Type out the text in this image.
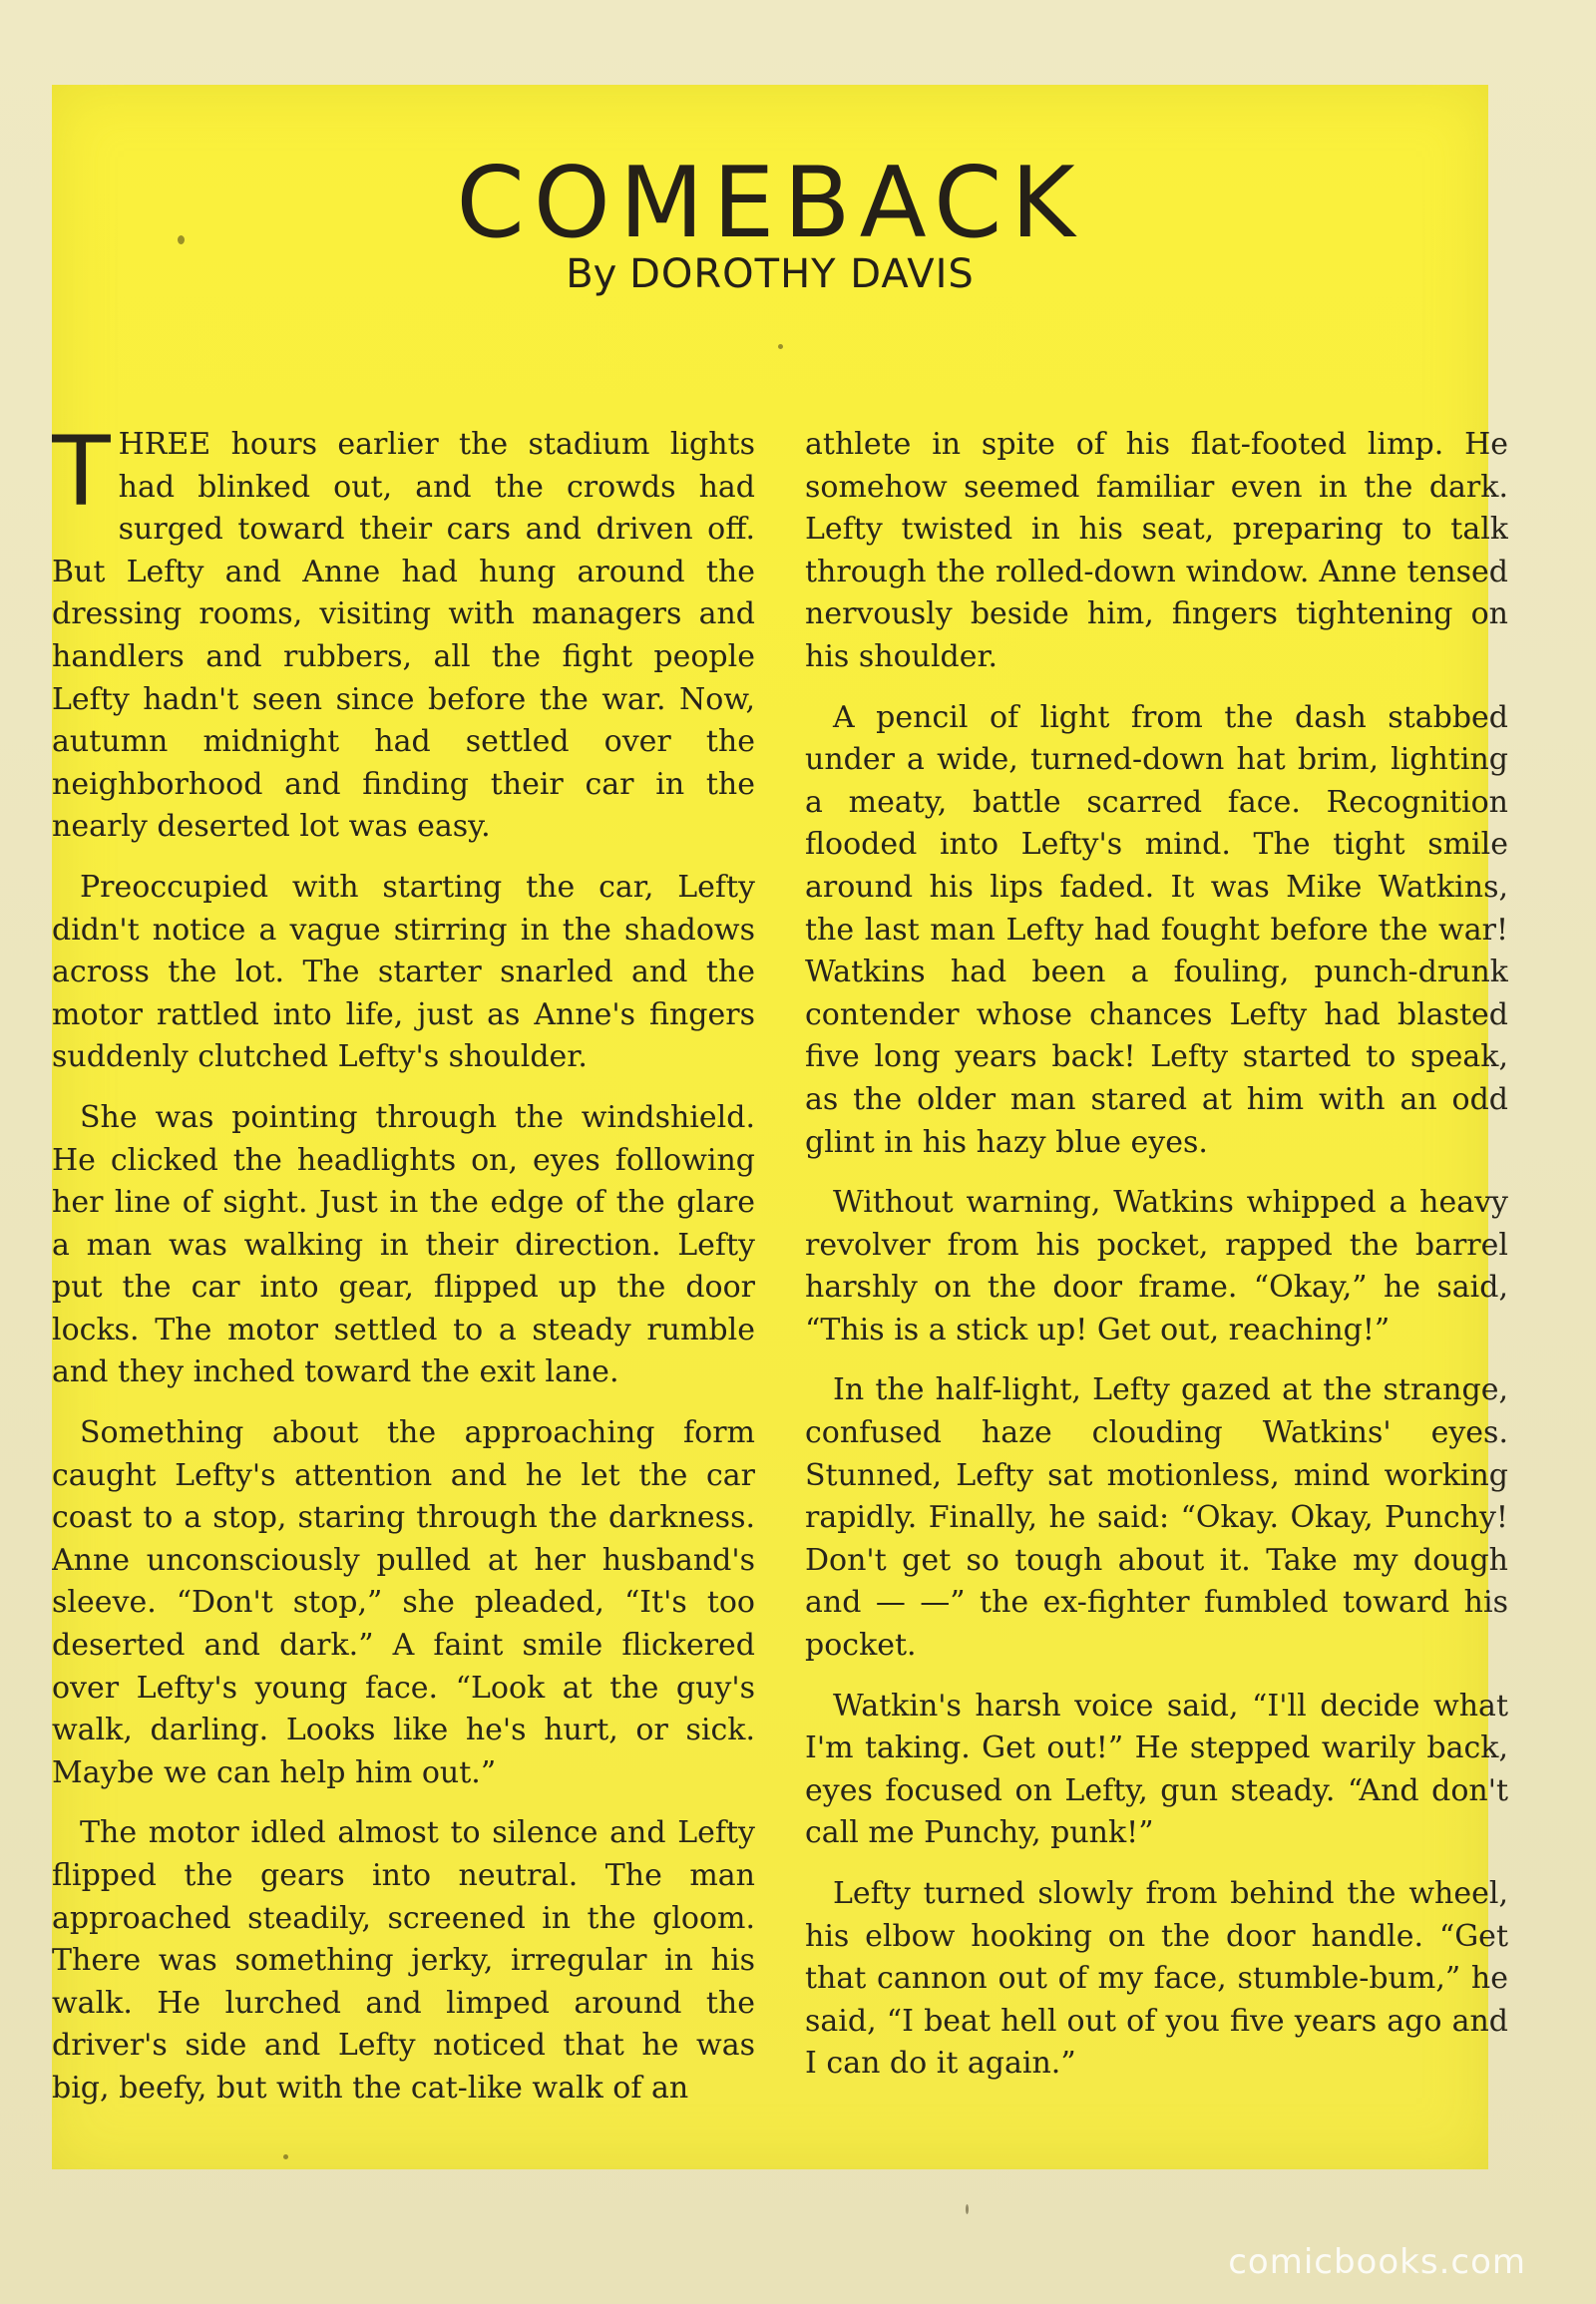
COMEBACK
By DOROTHY DAVIS

THREE hours earlier the stadium lights had blinked out, and the crowds had surged toward their cars and driven off. But Lefty and Anne had hung around the dressing rooms, visiting with managers and handlers and rubbers, all the fight people Lefty hadn't seen since before the war. Now, autumn midnight had settled over the neighborhood and finding their car in the nearly deserted lot was easy.

Preoccupied with starting the car, Lefty didn't notice a vague stirring in the shadows across the lot. The starter snarled and the motor rattled into life, just as Anne's fingers suddenly clutched Lefty's shoulder.

She was pointing through the windshield. He clicked the headlights on, eyes following her line of sight. Just in the edge of the glare a man was walking in their direction. Lefty put the car into gear, flipped up the door locks. The motor settled to a steady rumble and they inched toward the exit lane.

Something about the approaching form caught Lefty's attention and he let the car coast to a stop, staring through the darkness. Anne unconsciously pulled at her husband's sleeve. “Don't stop,” she pleaded, “It's too deserted and dark.” A faint smile flickered over Lefty's young face. “Look at the guy's walk, darling. Looks like he's hurt, or sick. Maybe we can help him out.”

The motor idled almost to silence and Lefty flipped the gears into neutral. The man approached steadily, screened in the gloom. There was something jerky, irregular in his walk. He lurched and limped around the driver's side and Lefty noticed that he was big, beefy, but with the cat-like walk of an

athlete in spite of his flat-footed limp. He somehow seemed familiar even in the dark. Lefty twisted in his seat, preparing to talk through the rolled-down window. Anne tensed nervously beside him, fingers tightening on his shoulder.

A pencil of light from the dash stabbed under a wide, turned-down hat brim, lighting a meaty, battle scarred face. Recognition flooded into Lefty's mind. The tight smile around his lips faded. It was Mike Watkins, the last man Lefty had fought before the war! Watkins had been a fouling, punch-drunk contender whose chances Lefty had blasted five long years back! Lefty started to speak, as the older man stared at him with an odd glint in his hazy blue eyes.

Without warning, Watkins whipped a heavy revolver from his pocket, rapped the barrel harshly on the door frame. “Okay,” he said, “This is a stick up! Get out, reaching!”

In the half-light, Lefty gazed at the strange, confused haze clouding Watkins' eyes. Stunned, Lefty sat motionless, mind working rapidly. Finally, he said: “Okay. Okay, Punchy! Don't get so tough about it. Take my dough and — —” the ex-fighter fumbled toward his pocket.

Watkin's harsh voice said, “I'll decide what I'm taking. Get out!” He stepped warily back, eyes focused on Lefty, gun steady. “And don't call me Punchy, punk!”

Lefty turned slowly from behind the wheel, his elbow hooking on the door handle. “Get that cannon out of my face, stumble-bum,” he said, “I beat hell out of you five years ago and I can do it again.”

comicbooks.com
